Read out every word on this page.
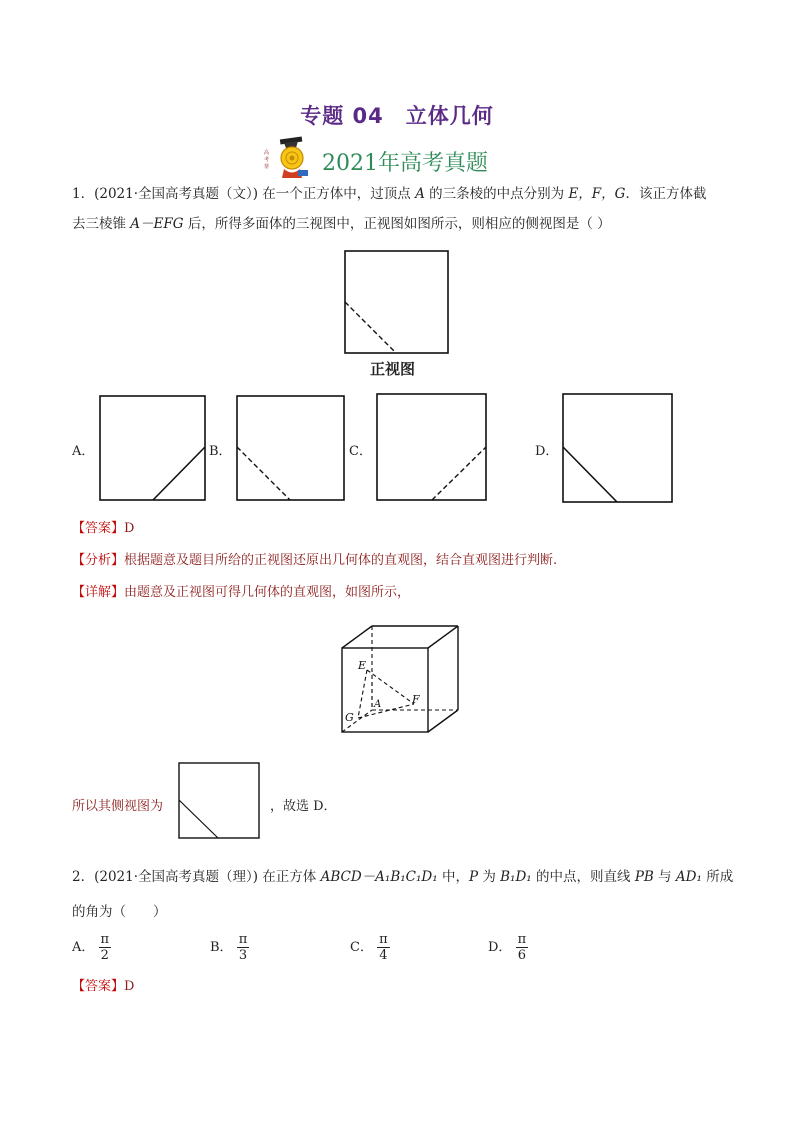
专题 04　立体几何
高
考
帮 2021年高考真题
1．(2021·全国高考真题（文）) 在一个正方体中，过顶点 A 的三条棱的中点分别为 E，F，G．该正方体截
去三棱锥 A－EFG 后，所得多面体的三视图中，正视图如图所示，则相应的侧视图是（ ）
正视图
A．	B．	C．	D．
【答案】D
【分析】根据题意及题目所给的正视图还原出几何体的直观图，结合直观图进行判断.
【详解】由题意及正视图可得几何体的直观图，如图所示，
E
A	F
G
所以其侧视图为	，故选 D．
2．(2021·全国高考真题（理）) 在正方体 ABCD－A₁B₁C₁D₁ 中，P 为 B₁D₁ 的中点，则直线 PB 与 AD₁ 所成
的角为（　　）
A． $\frac{\pi}{2}$	B． $\frac{\pi}{3}$	C． $\frac{\pi}{4}$	D． $\frac{\pi}{6}$
【答案】D
